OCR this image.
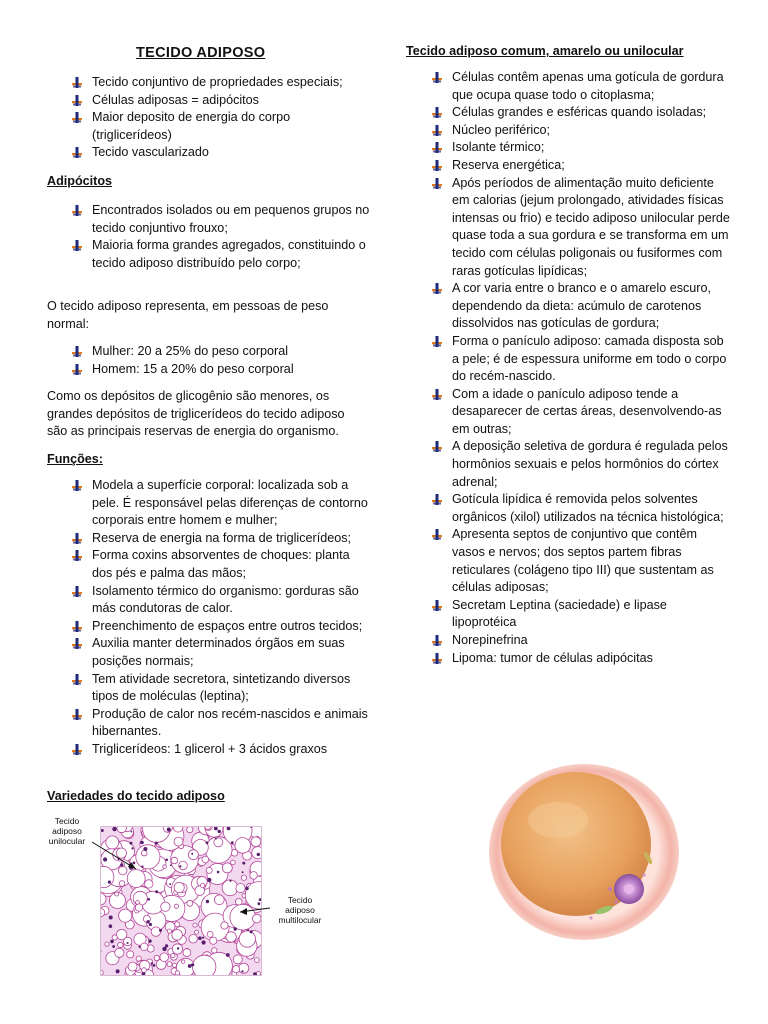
TECIDO ADIPOSO	Tecido adiposo comum, amarelo ou unilocular
Tecido conjuntivo de propriedades especiais;
Células adiposas = adipócitos
Maior deposito de energia do corpo (triglicerídeos)
Tecido vascularizado
Adipócitos
Encontrados isolados ou em pequenos grupos no tecido conjuntivo frouxo;
Maioria forma grandes agregados, constituindo o tecido adiposo distribuído pelo corpo;
O tecido adiposo representa, em pessoas de peso normal:
Mulher: 20 a 25% do peso corporal
Homem: 15 a 20% do peso corporal
Como os depósitos de glicogênio são menores, os grandes depósitos de triglicerídeos do tecido adiposo são as principais reservas de energia do organismo.
Funções:
Modela a superfície corporal: localizada sob a pele. É responsável pelas diferenças de contorno corporais entre homem e mulher;
Reserva de energia na forma de triglicerídeos;
Forma coxins absorventes de choques: planta dos pés e palma das mãos;
Isolamento térmico do organismo: gorduras são más condutoras de calor.
Preenchimento de espaços entre outros tecidos;
Auxilia manter determinados órgãos em suas posições normais;
Tem atividade secretora, sintetizando diversos tipos de moléculas (leptina);
Produção de calor nos recém-nascidos e animais hibernantes.
Triglicerídeos: 1 glicerol + 3 ácidos graxos
Variedades do tecido adiposo
Tecido adiposo unilocular
Tecido adiposo multilocular
Células contêm apenas uma gotícula de gordura que ocupa quase todo o citoplasma;
Células grandes e esféricas quando isoladas;
Núcleo periférico;
Isolante térmico;
Reserva energética;
Após períodos de alimentação muito deficiente em calorias (jejum prolongado, atividades físicas intensas ou frio) e tecido adiposo unilocular perde quase toda a sua gordura e se transforma em um tecido com células poligonais ou fusiformes com raras gotículas lipídicas;
A cor varia entre o branco e o amarelo escuro, dependendo da dieta: acúmulo de carotenos dissolvidos nas gotículas de gordura;
Forma o panículo adiposo: camada disposta sob a pele; é de espessura uniforme em todo o corpo do recém-nascido.
Com a idade o panículo adiposo tende a desaparecer de certas áreas, desenvolvendo-as em outras;
A deposição seletiva de gordura é regulada pelos hormônios sexuais e pelos hormônios do córtex adrenal;
Gotícula lipídica é removida pelos solventes orgânicos (xilol) utilizados na técnica histológica;
Apresenta septos de conjuntivo que contêm vasos e nervos; dos septos partem fibras reticulares (colágeno tipo III) que sustentam as células adiposas;
Secretam Leptina (saciedade) e lipase lipoprotéica
Norepinefrina
Lipoma: tumor de células adipócitas
